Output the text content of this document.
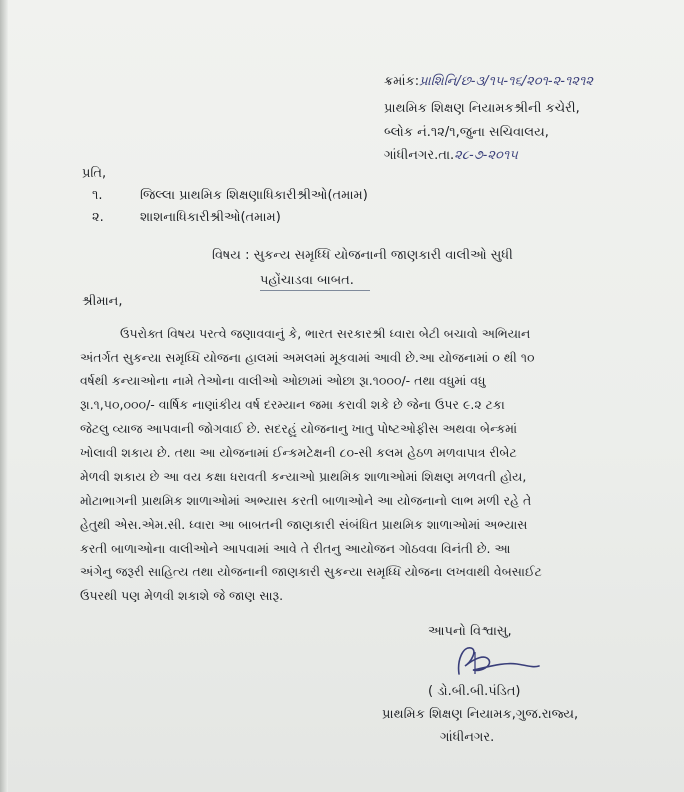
ક્રમાંક:પ્રાશિનિ/છ-૩/૧૫-૧૬/૨૦૧-૨-૧૨૧૨
પ્રાથમિક શિક્ષણ નિયામકશ્રીની કચેરી,
બ્લોક નં.૧૨/૧,જુના સચિવાલય,
ગાંધીનગર.તા.૨૮-૭-૨૦૧૫
પ્રતિ,
૧.	જિલ્લા પ્રાથમિક શિક્ષણાધિકારીશ્રીઓ(તમામ)
૨.	શાશનાધિકારીશ્રીઓ(તમામ)
વિષય : સુકન્ય સમૃધ્ધિ યોજનાની જાણકારી વાલીઓ સુધી
પહોંચાડવા બાબત.
શ્રીમાન,
ઉપરોક્ત વિષય પરત્વે જણાવવાનું કે, ભારત સરકારશ્રી ધ્વારા બેટી બચાવો અભિયાન
અંતર્ગત સુકન્યા સમૃધ્ધિ યોજના હાલમાં અમલમાં મૂકવામાં આવી છે.આ યોજનામાં ૦ થી ૧૦
વર્ષથી કન્યાઓના નામે તેઓના વાલીઓ ઓછામાં ઓછા રૂા.૧૦૦૦/- તથા વધુમાં વધુ
રૂા.૧,૫૦,૦૦૦/- વાર્ષિક નાણાંકીય વર્ષ દરમ્યાન જમા કરાવી શકે છે જેના ઉપર ૯.૨ ટકા
જેટલુ વ્યાજ આપવાની જોગવાઈ છે. સદરહું યોજનાનુ ખાતુ પોષ્ટઓફીસ અથવા બેન્કમાં
ખોલાવી શકાય છે. તથા આ યોજનામાં ઈન્કમટેક્ષની ૮૦-સી કલમ હેઠળ મળવાપાત્ર રીબેટ
મેળવી શકાય છે આ વય કક્ષા ધરાવતી કન્યાઓ પ્રાથમિક શાળાઓમાં શિક્ષણ મળવતી હોય,
મોટાભાગની પ્રાથમિક શાળાઓમાં અભ્યાસ કરતી બાળાઓને આ યોજનાનો લાભ મળી રહે તે
હેતુથી એસ.એમ.સી. ધ્વારા આ બાબતની જાણકારી સંબંધિત પ્રાથમિક શાળાઓમાં અભ્યાસ
કરતી બાળાઓના વાલીઓને આપવામાં આવે તે રીતનુ આયોજન ગોઠવવા વિનંતી છે. આ
અંગેનુ જરૂરી સાહિત્ય તથા યોજનાની જાણકારી સુકન્યા સમૃધ્ધિ યોજના લખવાથી વેબસાઈટ
ઉપરથી પણ મેળવી શકાશે જે જાણ સારૂ.
આપનો વિશ્વાસુ,
( ડો.બી.બી.પંડિત)
પ્રાથમિક શિક્ષણ નિયામક,ગુજ.રાજ્ય,
ગાંધીનગર.
